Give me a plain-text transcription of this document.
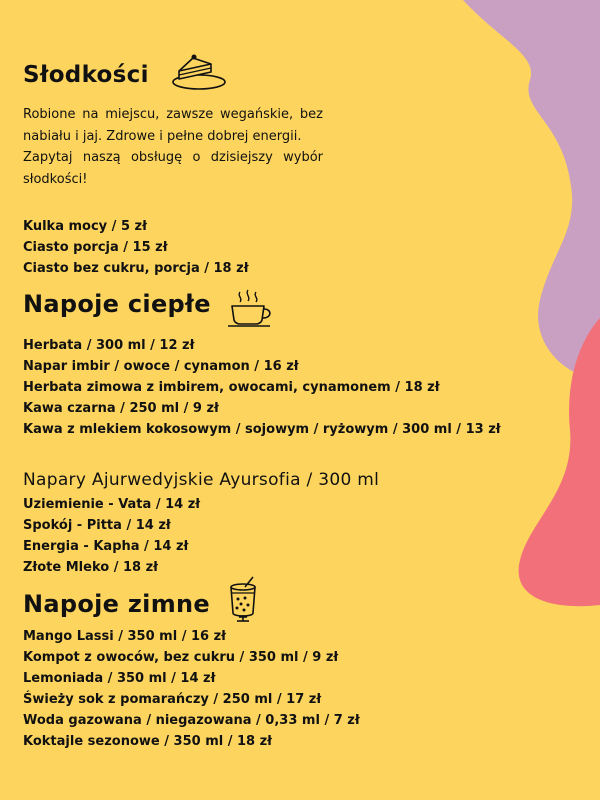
Słodkości

Robione na miejscu, zawsze wegańskie, bez nabiału i jaj. Zdrowe i pełne dobrej energii.

Zapytaj naszą obsługę o dzisiejszy wybór słodkości!

Kulka mocy / 5 zł
Ciasto porcja / 15 zł
Ciasto bez cukru, porcja / 18 zł
Napoje ciepłe
Herbata / 300 ml / 12 zł
Napar imbir / owoce / cynamon / 16 zł
Herbata zimowa z imbirem, owocami, cynamonem / 18 zł
Kawa czarna / 250 ml / 9 zł
Kawa z mlekiem kokosowym / sojowym / ryżowym / 300 ml / 13 zł
Napary Ajurwedyjskie Ayursofia / 300 ml
Uziemienie - Vata / 14 zł
Spokój - Pitta / 14 zł
Energia - Kapha / 14 zł
Złote Mleko / 18 zł
Napoje zimne
Mango Lassi / 350 ml / 16 zł
Kompot z owoców, bez cukru / 350 ml / 9 zł
Lemoniada / 350 ml / 14 zł
Świeży sok z pomarańczy / 250 ml / 17 zł
Woda gazowana / niegazowana / 0,33 ml / 7 zł
Koktajle sezonowe / 350 ml / 18 zł
